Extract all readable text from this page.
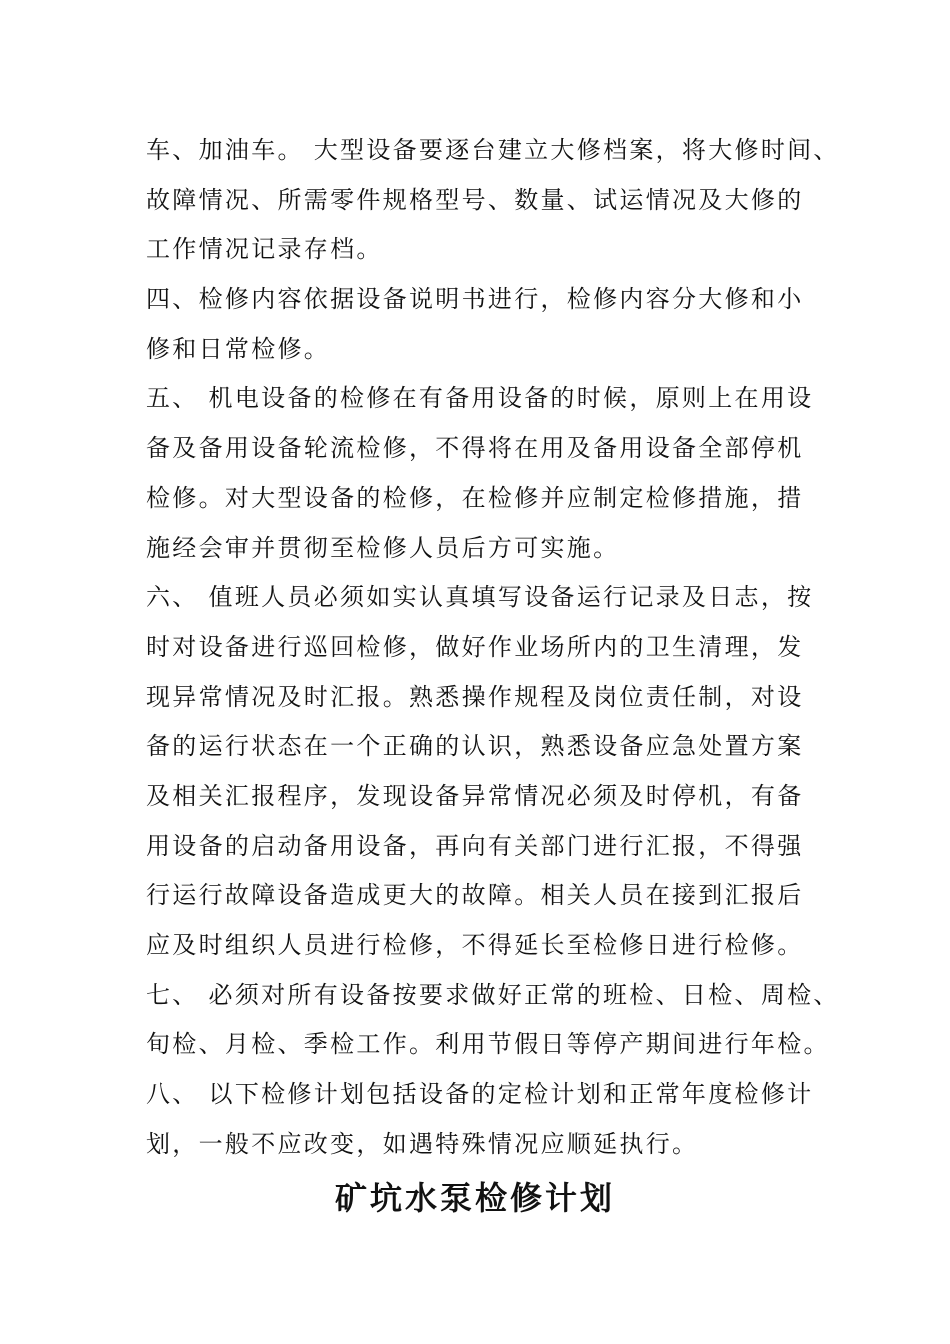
车、加油车。 大型设备要逐台建立大修档案，将大修时间、
故障情况、所需零件规格型号、数量、试运情况及大修的
工作情况记录存档。
四、检修内容依据设备说明书进行，检修内容分大修和小
修和日常检修。
五、 机电设备的检修在有备用设备的时候，原则上在用设
备及备用设备轮流检修，不得将在用及备用设备全部停机
检修。对大型设备的检修，在检修并应制定检修措施，措
施经会审并贯彻至检修人员后方可实施。
六、 值班人员必须如实认真填写设备运行记录及日志，按
时对设备进行巡回检修，做好作业场所内的卫生清理，发
现异常情况及时汇报。熟悉操作规程及岗位责任制，对设
备的运行状态在一个正确的认识，熟悉设备应急处置方案
及相关汇报程序，发现设备异常情况必须及时停机，有备
用设备的启动备用设备，再向有关部门进行汇报，不得强
行运行故障设备造成更大的故障。相关人员在接到汇报后
应及时组织人员进行检修，不得延长至检修日进行检修。
七、 必须对所有设备按要求做好正常的班检、日检、周检、
旬检、月检、季检工作。利用节假日等停产期间进行年检。
八、 以下检修计划包括设备的定检计划和正常年度检修计
划，一般不应改变，如遇特殊情况应顺延执行。
矿坑水泵检修计划
